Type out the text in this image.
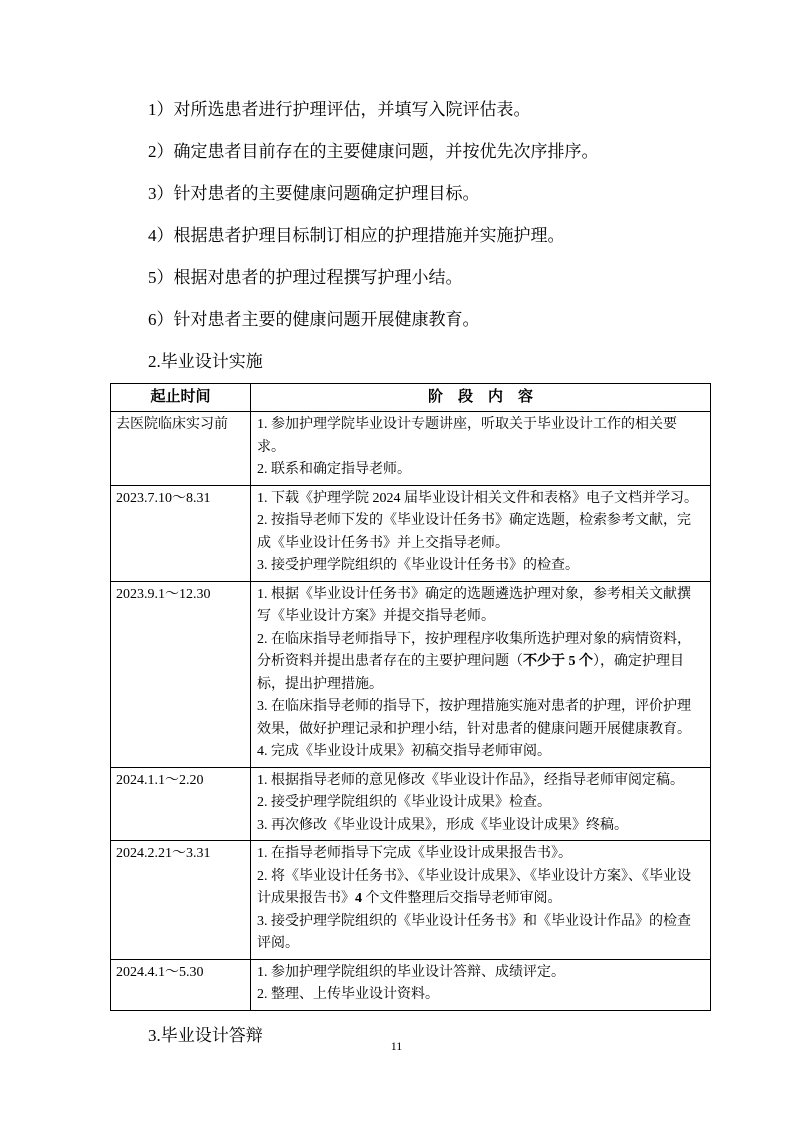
1）对所选患者进行护理评估，并填写入院评估表。
2）确定患者目前存在的主要健康问题，并按优先次序排序。
3）针对患者的主要健康问题确定护理目标。
4）根据患者护理目标制订相应的护理措施并实施护理。
5）根据对患者的护理过程撰写护理小结。
6）针对患者主要的健康问题开展健康教育。
2.毕业设计实施
起止时间	阶　段　内　容
去医院临床实习前	1. 参加护理学院毕业设计专题讲座，听取关于毕业设计工作的相关要求。
2. 联系和确定指导老师。

2023.7.10～8.31	1. 下载《护理学院 2024 届毕业设计相关文件和表格》电子文档并学习。
2. 按指导老师下发的《毕业设计任务书》确定选题，检索参考文献，完成《毕业设计任务书》并上交指导老师。
3. 接受护理学院组织的《毕业设计任务书》的检查。

2023.9.1～12.30	1. 根据《毕业设计任务书》确定的选题遴选护理对象，参考相关文献撰写《毕业设计方案》并提交指导老师。
2. 在临床指导老师指导下，按护理程序收集所选护理对象的病情资料，分析资料并提出患者存在的主要护理问题（不少于 5 个），确定护理目标，提出护理措施。
3. 在临床指导老师的指导下，按护理措施实施对患者的护理，评价护理效果，做好护理记录和护理小结，针对患者的健康问题开展健康教育。
4. 完成《毕业设计成果》初稿交指导老师审阅。

2024.1.1～2.20	1. 根据指导老师的意见修改《毕业设计作品》，经指导老师审阅定稿。
2. 接受护理学院组织的《毕业设计成果》检查。
3. 再次修改《毕业设计成果》，形成《毕业设计成果》终稿。

2024.2.21～3.31	1. 在指导老师指导下完成《毕业设计成果报告书》。
2. 将《毕业设计任务书》、《毕业设计成果》、《毕业设计方案》、《毕业设计成果报告书》4 个文件整理后交指导老师审阅。
3. 接受护理学院组织的《毕业设计任务书》和《毕业设计作品》的检查评阅。

2024.4.1～5.30	1. 参加护理学院组织的毕业设计答辩、成绩评定。
2. 整理、上传毕业设计资料。
3.毕业设计答辩
11
